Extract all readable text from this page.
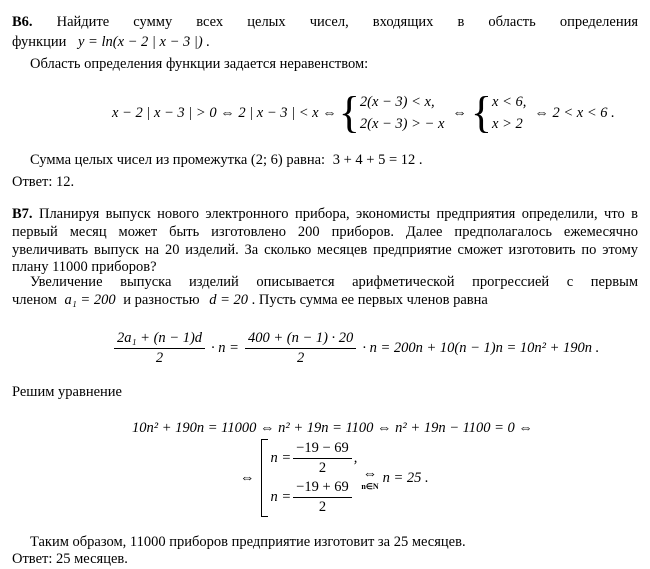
В6. Найдите сумму всех целых чисел, входящих в область определения
функции y = ln(x − 2 | x − 3 |) .
Область определения функции задается неравенством:
x − 2 | x − 3 | > 0 ⇔ 2 | x − 3 | < x ⇔ { 2(x − 3) < x,
2(x − 3) > − x
⇔ { x < 6,
x > 2
⇔ 2 < x < 6 .
Сумма целых чисел из промежутка (2; 6) равна: 3 + 4 + 5 = 12 .
Ответ: 12.
В7. Планируя выпуск нового электронного прибора, экономисты предприятия определили, что в
первый месяц может быть изготовлено 200 приборов. Далее предполагалось ежемесячно
увеличивать выпуск на 20 изделий. За сколько месяцев предприятие сможет изготовить по этому
плану 11000 приборов?
Увеличение выпуска изделий описывается арифметической прогрессией с первым
членом a₁ = 200 и разностью d = 20 . Пусть сумма ее первых членов равна
$\frac{\text{2a₁ + (n − 1)d}}{2} \cdot n = \frac{400 + (n - 1) \cdot 20}{2} \cdot n = 200n + 10(n - 1)n = 10n^2 + 190n$ .
Решим уравнение
10n² + 190n = 11000 ⇔ n² + 19n = 1100 ⇔ n² + 19n − 1100 = 0 ⇔
⇔
$n = \frac{-19 - 69}{2}$ ,
$n = \frac{-19 + 69}{2}$
⇔
n∈N
n = 25 .
Таким образом, 11000 приборов предприятие изготовит за 25 месяцев.
Ответ: 25 месяцев.
